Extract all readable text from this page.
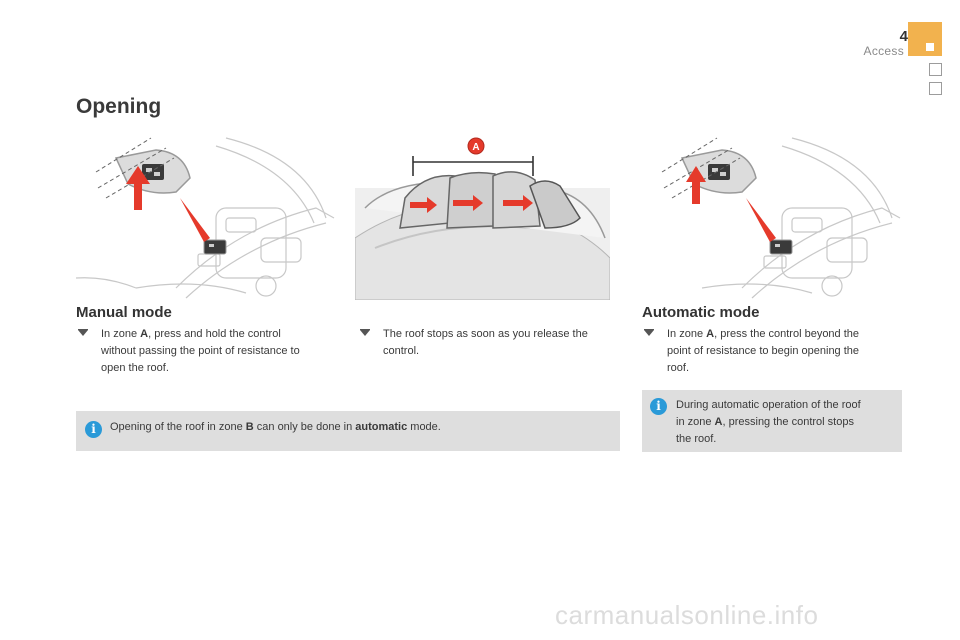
4
Access
Opening
A
Manual mode
In zone A, press and hold the control
without passing the point of resistance to
open the roof.
The roof stops as soon as you release the
control.
Automatic mode
In zone A, press the control beyond the
point of resistance to begin opening the
roof.
i	Opening of the roof in zone B can only be done in automatic mode.
i	During automatic operation of the roof
in zone A, pressing the control stops
the roof.
carmanualsonline.info
